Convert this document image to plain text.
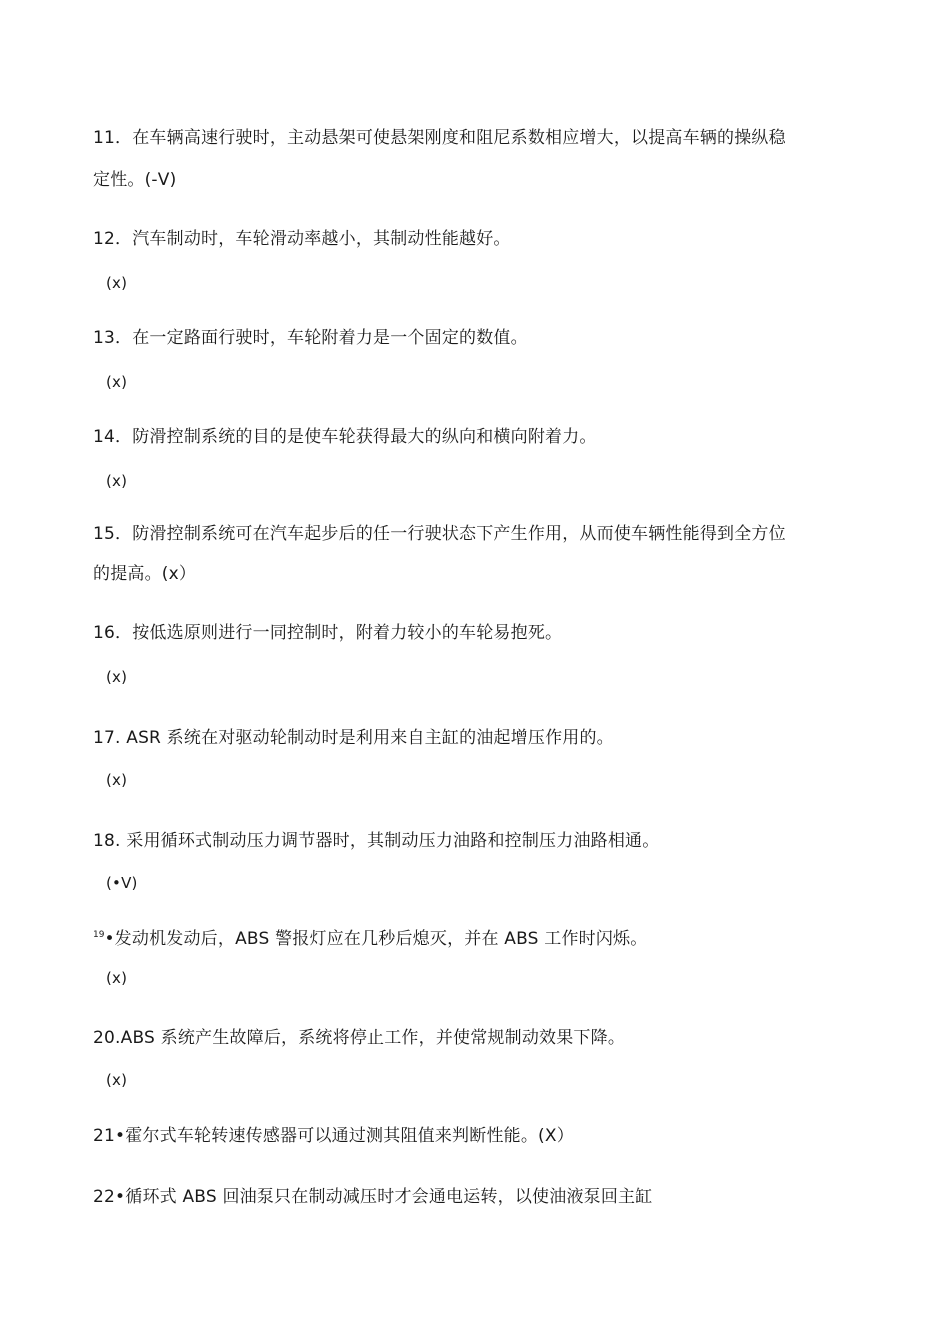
11．在车辆高速行驶时，主动悬架可使悬架刚度和阻尼系数相应增大，以提高车辆的操纵稳
定性。(-V)
12．汽车制动时，车轮滑动率越小，其制动性能越好。
(x)
13．在一定路面行驶时，车轮附着力是一个固定的数值。
(x)
14．防滑控制系统的目的是使车轮获得最大的纵向和横向附着力。
(x)
15．防滑控制系统可在汽车起步后的任一行驶状态下产生作用，从而使车辆性能得到全方位
的提高。(x）
16．按低选原则进行一同控制时，附着力较小的车轮易抱死。
(x)
17. ASR 系统在对驱动轮制动时是利用来自主缸的油起增压作用的。
(x)
18. 采用循环式制动压力调节器时，其制动压力油路和控制压力油路相通。
(•V)
$^{19}$•发动机发动后，ABS 警报灯应在几秒后熄灭，并在 ABS 工作时闪烁。
(x)
20.ABS 系统产生故障后，系统将停止工作，并使常规制动效果下降。
(x)
21•霍尔式车轮转速传感器可以通过测其阻值来判断性能。(X）
22•循环式 ABS 回油泵只在制动减压时才会通电运转，以使油液泵回主缸
